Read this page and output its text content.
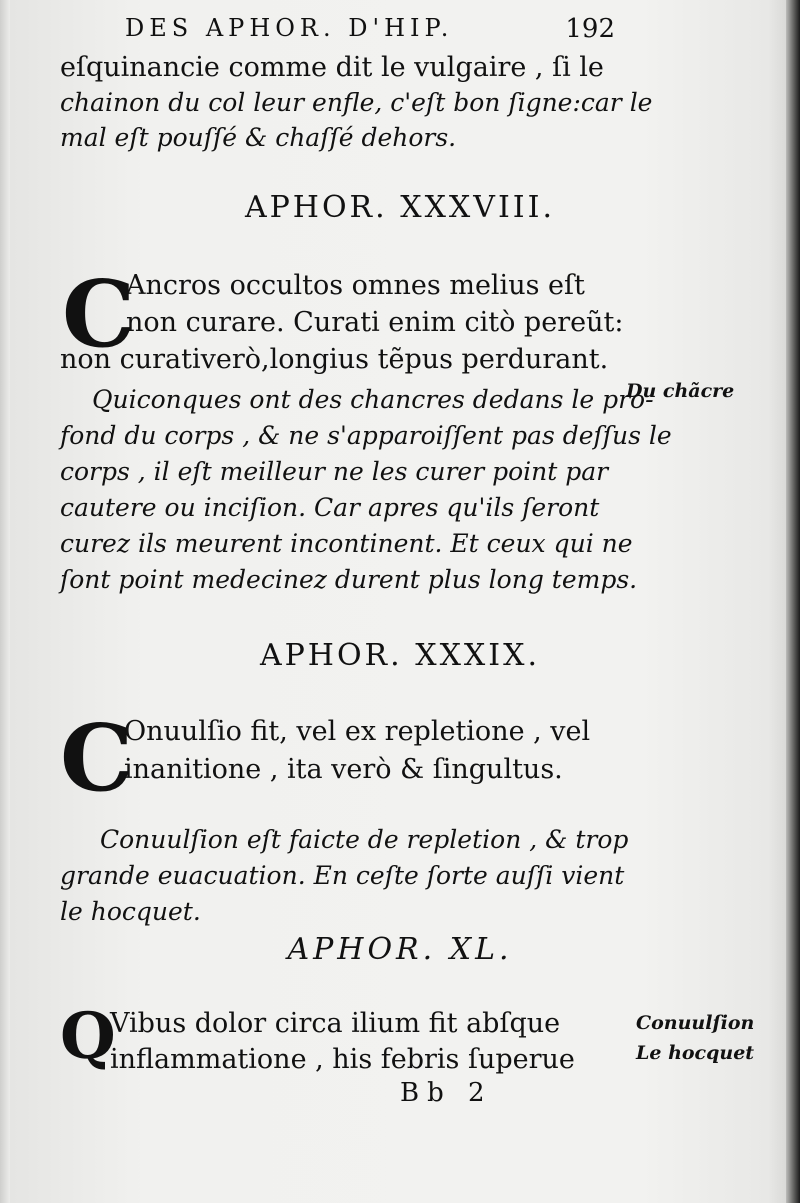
DES APHOR. D'HIP.	192
eſquinancie comme dit le vulgaire , ſi le
chainon du col leur enfle, c'eſt bon ſigne:car le
mal eſt pouſſé & chaſſé dehors.
APHOR. XXXVIII.
C
Ancros occultos omnes melius eſt
non curare. Curati enim citò pereũt:
non curativerò,longius tẽpus perdurant.
Quiconques ont des chancres dedans le pro-
fond du corps , & ne s'apparoiſſent pas deſſus le
corps , il eſt meilleur ne les curer point par
cautere ou inciſion. Car apres qu'ils ſeront
curez ils meurent incontinent. Et ceux qui ne
ſont point medecinez durent plus long temps.
Du chãcre
APHOR. XXXIX.
C
Onuulſio fit, vel ex repletione , vel
inanitione , ita verò & ſingultus.
Conuulſion eſt faicte de repletion , & trop
grande euacuation. En ceſte ſorte auſſi vient
le hocquet.
APHOR. XL.
Q
Vibus dolor circa ilium fit abſque
inflammatione , his febris ſuperue
Conuulſion
Le hocquet
Bb 2
